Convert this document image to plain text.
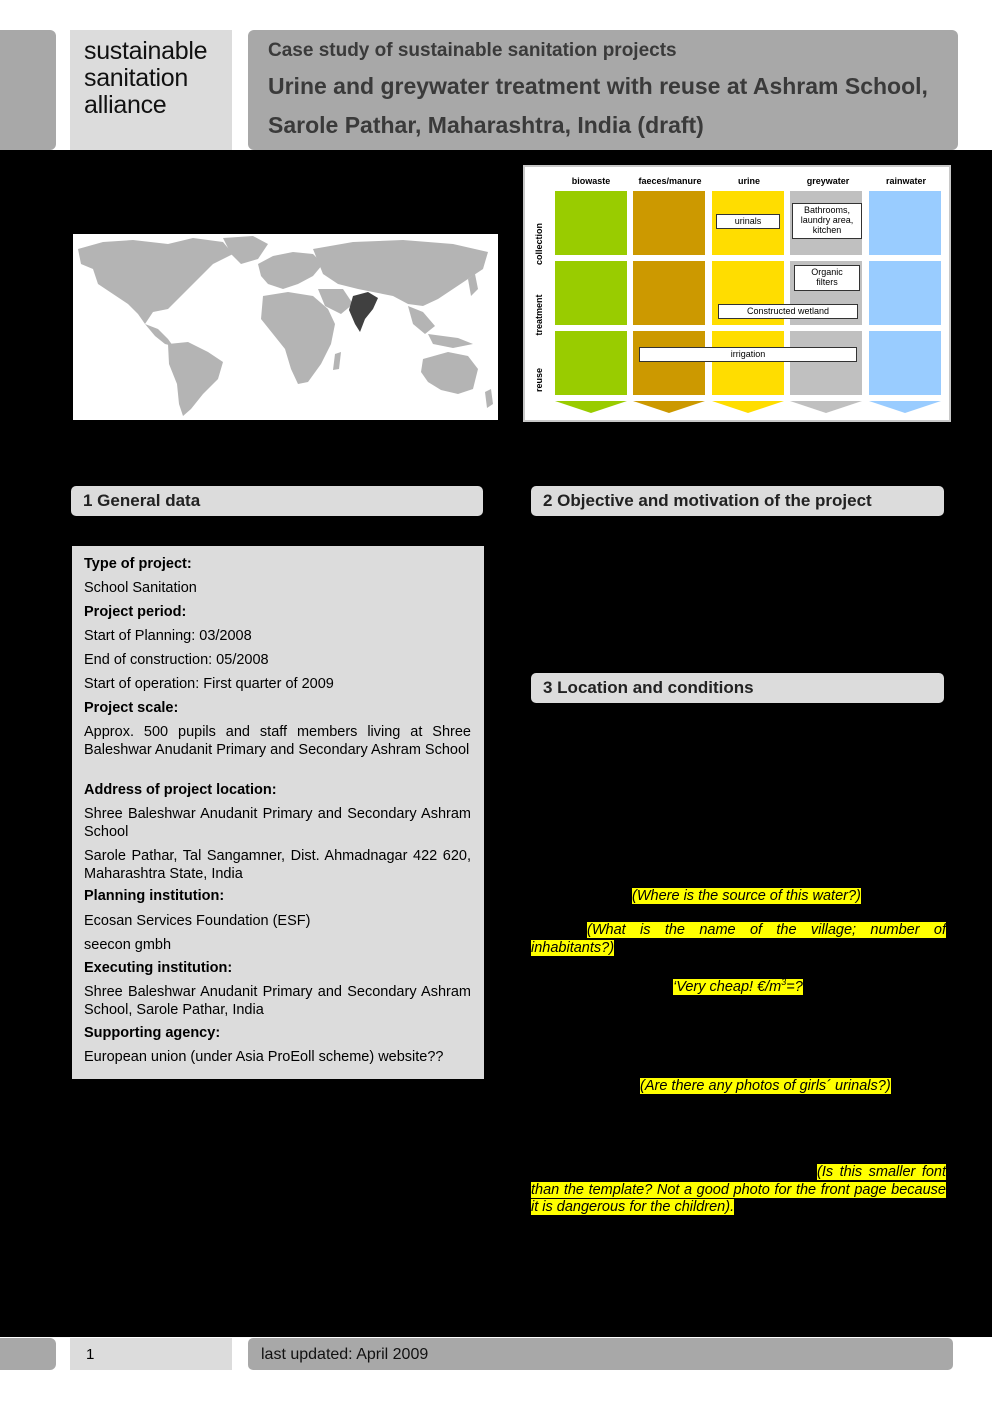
sustainable
sanitation
alliance
Case study of sustainable sanitation projects
Urine and greywater treatment with reuse at Ashram School,
Sarole Pathar, Maharashtra, India (draft)
biowaste	faeces/manure	urine	greywater	rainwater
collection
treatment
reuse
urinals
Bathrooms,
laundry area,
kitchen
Organic
filters
Constructed wetland
irrigation
1 General data	2 Objective and motivation of the project
3 Location and conditions
Type of project:
School Sanitation
Project period:
Start of Planning: 03/2008
End of construction: 05/2008
Start of operation: First quarter of 2009
Project scale:
Approx. 500 pupils and staff members living at Shree Baleshwar Anudanit Primary and Secondary Ashram School
Address of project location:
Shree Baleshwar Anudanit Primary and Secondary Ashram School
Sarole Pathar, Tal Sangamner, Dist. Ahmadnagar 422 620, Maharashtra State, India
Planning institution:
Ecosan Services Foundation (ESF)
seecon gmbh
Executing institution:
Shree Baleshwar Anudanit Primary and Secondary Ashram School, Sarole Pathar, India
Supporting agency:
European union (under Asia ProEoll scheme) website??
(Where is the source of this water?)
(What is the name of the village; number of inhabitants?)
‘Very cheap! $€/m^3=$?
(Are there any photos of girls´ urinals?)
(Is this smaller font than the template? Not a good photo for the front page because it is dangerous for the children).
1	last updated: April 2009
